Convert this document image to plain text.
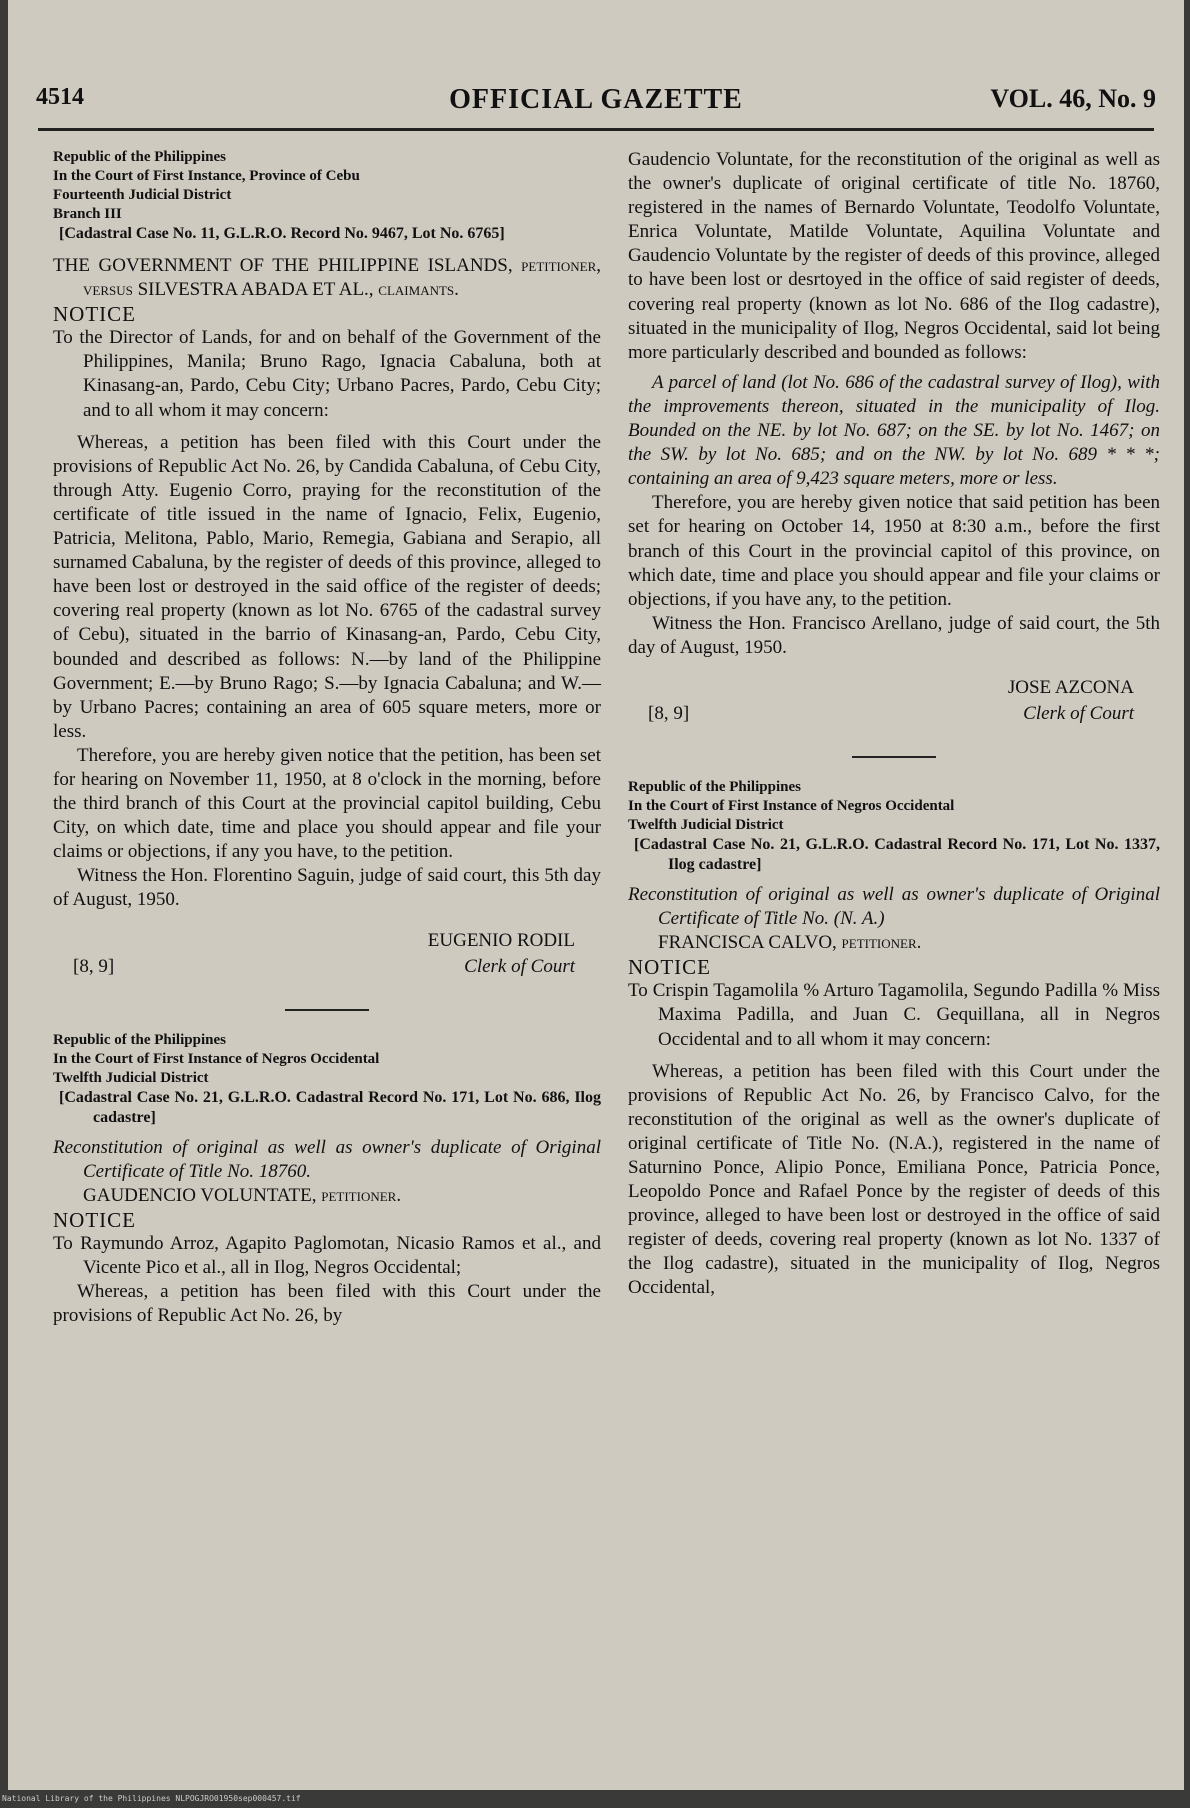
4514	OFFICIAL GAZETTE	VOL. 46, No. 9

Republic of the Philippines

In the Court of First Instance, Province of Cebu

Fourteenth Judicial District

Branch III

[Cadastral Case No. 11, G.L.R.O. Record No. 9467, Lot No. 6765]

THE GOVERNMENT OF THE PHILIPPINE ISLANDS, petitioner, versus SILVESTRA ABADA ET AL., claimants.

NOTICE

To the Director of Lands, for and on behalf of the Government of the Philippines, Manila; Bruno Rago, Ignacia Cabaluna, both at Kinasang-an, Pardo, Cebu City; Urbano Pacres, Pardo, Cebu City; and to all whom it may concern:

Whereas, a petition has been filed with this Court under the provisions of Republic Act No. 26, by Candida Cabaluna, of Cebu City, through Atty. Eugenio Corro, praying for the reconstitution of the certificate of title issued in the name of Ignacio, Felix, Eugenio, Patricia, Melitona, Pablo, Mario, Remegia, Gabiana and Serapio, all surnamed Cabaluna, by the register of deeds of this province, alleged to have been lost or destroyed in the said office of the register of deeds; covering real property (known as lot No. 6765 of the cadastral survey of Cebu), situated in the barrio of Kinasang-an, Pardo, Cebu City, bounded and described as follows: N.—by land of the Philippine Government; E.—by Bruno Rago; S.—by Ignacia Cabaluna; and W.—by Urbano Pacres; containing an area of 605 square meters, more or less.

Therefore, you are hereby given notice that the petition, has been set for hearing on November 11, 1950, at 8 o'clock in the morning, before the third branch of this Court at the provincial capitol building, Cebu City, on which date, time and place you should appear and file your claims or objections, if any you have, to the petition.

Witness the Hon. Florentino Saguin, judge of said court, this 5th day of August, 1950.

EUGENIO RODIL
[8, 9]	Clerk of Court

Republic of the Philippines

In the Court of First Instance of Negros Occidental

Twelfth Judicial District

[Cadastral Case No. 21, G.L.R.O. Cadastral Record No. 171, Lot No. 686, Ilog cadastre]

Reconstitution of original as well as owner's duplicate of Original Certificate of Title No. 18760.

GAUDENCIO VOLUNTATE, petitioner.

NOTICE

To Raymundo Arroz, Agapito Paglomotan, Nicasio Ramos et al., and Vicente Pico et al., all in Ilog, Negros Occidental;

Whereas, a petition has been filed with this Court under the provisions of Republic Act No. 26, by

Gaudencio Voluntate, for the reconstitution of the original as well as the owner's duplicate of original certificate of title No. 18760, registered in the names of Bernardo Voluntate, Teodolfo Voluntate, Enrica Voluntate, Matilde Voluntate, Aquilina Voluntate and Gaudencio Voluntate by the register of deeds of this province, alleged to have been lost or desrtoyed in the office of said register of deeds, covering real property (known as lot No. 686 of the Ilog cadastre), situated in the municipality of Ilog, Negros Occidental, said lot being more particularly described and bounded as follows:

A parcel of land (lot No. 686 of the cadastral survey of Ilog), with the improvements thereon, situated in the municipality of Ilog. Bounded on the NE. by lot No. 687; on the SE. by lot No. 1467; on the SW. by lot No. 685; and on the NW. by lot No. 689 * * *; containing an area of 9,423 square meters, more or less.

Therefore, you are hereby given notice that said petition has been set for hearing on October 14, 1950 at 8:30 a.m., before the first branch of this Court in the provincial capitol of this province, on which date, time and place you should appear and file your claims or objections, if you have any, to the petition.

Witness the Hon. Francisco Arellano, judge of said court, the 5th day of August, 1950.

JOSE AZCONA
[8, 9]	Clerk of Court

Republic of the Philippines

In the Court of First Instance of Negros Occidental

Twelfth Judicial District

[Cadastral Case No. 21, G.L.R.O. Cadastral Record No. 171, Lot No. 1337, Ilog cadastre]

Reconstitution of original as well as owner's duplicate of Original Certificate of Title No. (N. A.)

FRANCISCA CALVO, petitioner.

NOTICE

To Crispin Tagamolila % Arturo Tagamolila, Segundo Padilla % Miss Maxima Padilla, and Juan C. Gequillana, all in Negros Occidental and to all whom it may concern:

Whereas, a petition has been filed with this Court under the provisions of Republic Act No. 26, by Francisco Calvo, for the reconstitution of the original as well as the owner's duplicate of original certificate of Title No. (N.A.), registered in the name of Saturnino Ponce, Alipio Ponce, Emiliana Ponce, Patricia Ponce, Leopoldo Ponce and Rafael Ponce by the register of deeds of this province, alleged to have been lost or destroyed in the office of said register of deeds, covering real property (known as lot No. 1337 of the Ilog cadastre), situated in the municipality of Ilog, Negros Occidental,

National Library of the Philippines NLPOGJRO01950sep000457.tif
